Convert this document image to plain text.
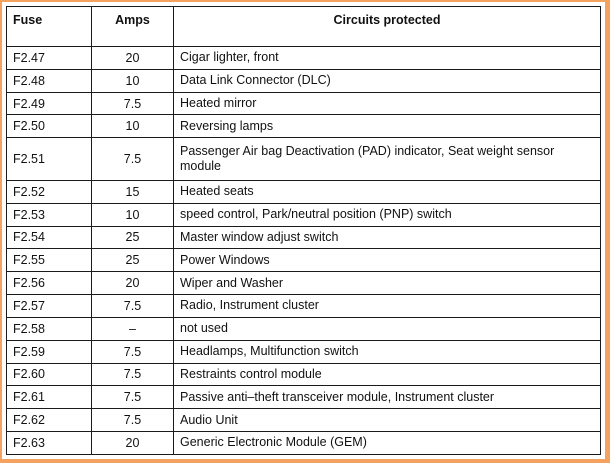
Fuse	Amps	Circuits protected
F2.47	20	Cigar lighter, front
F2.48	10	Data Link Connector (DLC)
F2.49	7.5	Heated mirror
F2.50	10	Reversing lamps
F2.51	7.5	Passenger Air bag Deactivation (PAD) indicator, Seat weight sensor module
F2.52	15	Heated seats
F2.53	10	speed control, Park/neutral position (PNP) switch
F2.54	25	Master window adjust switch
F2.55	25	Power Windows
F2.56	20	Wiper and Washer
F2.57	7.5	Radio, Instrument cluster
F2.58	–	not used
F2.59	7.5	Headlamps, Multifunction switch
F2.60	7.5	Restraints control module
F2.61	7.5	Passive anti–theft transceiver module, Instrument cluster
F2.62	7.5	Audio Unit
F2.63	20	Generic Electronic Module (GEM)
